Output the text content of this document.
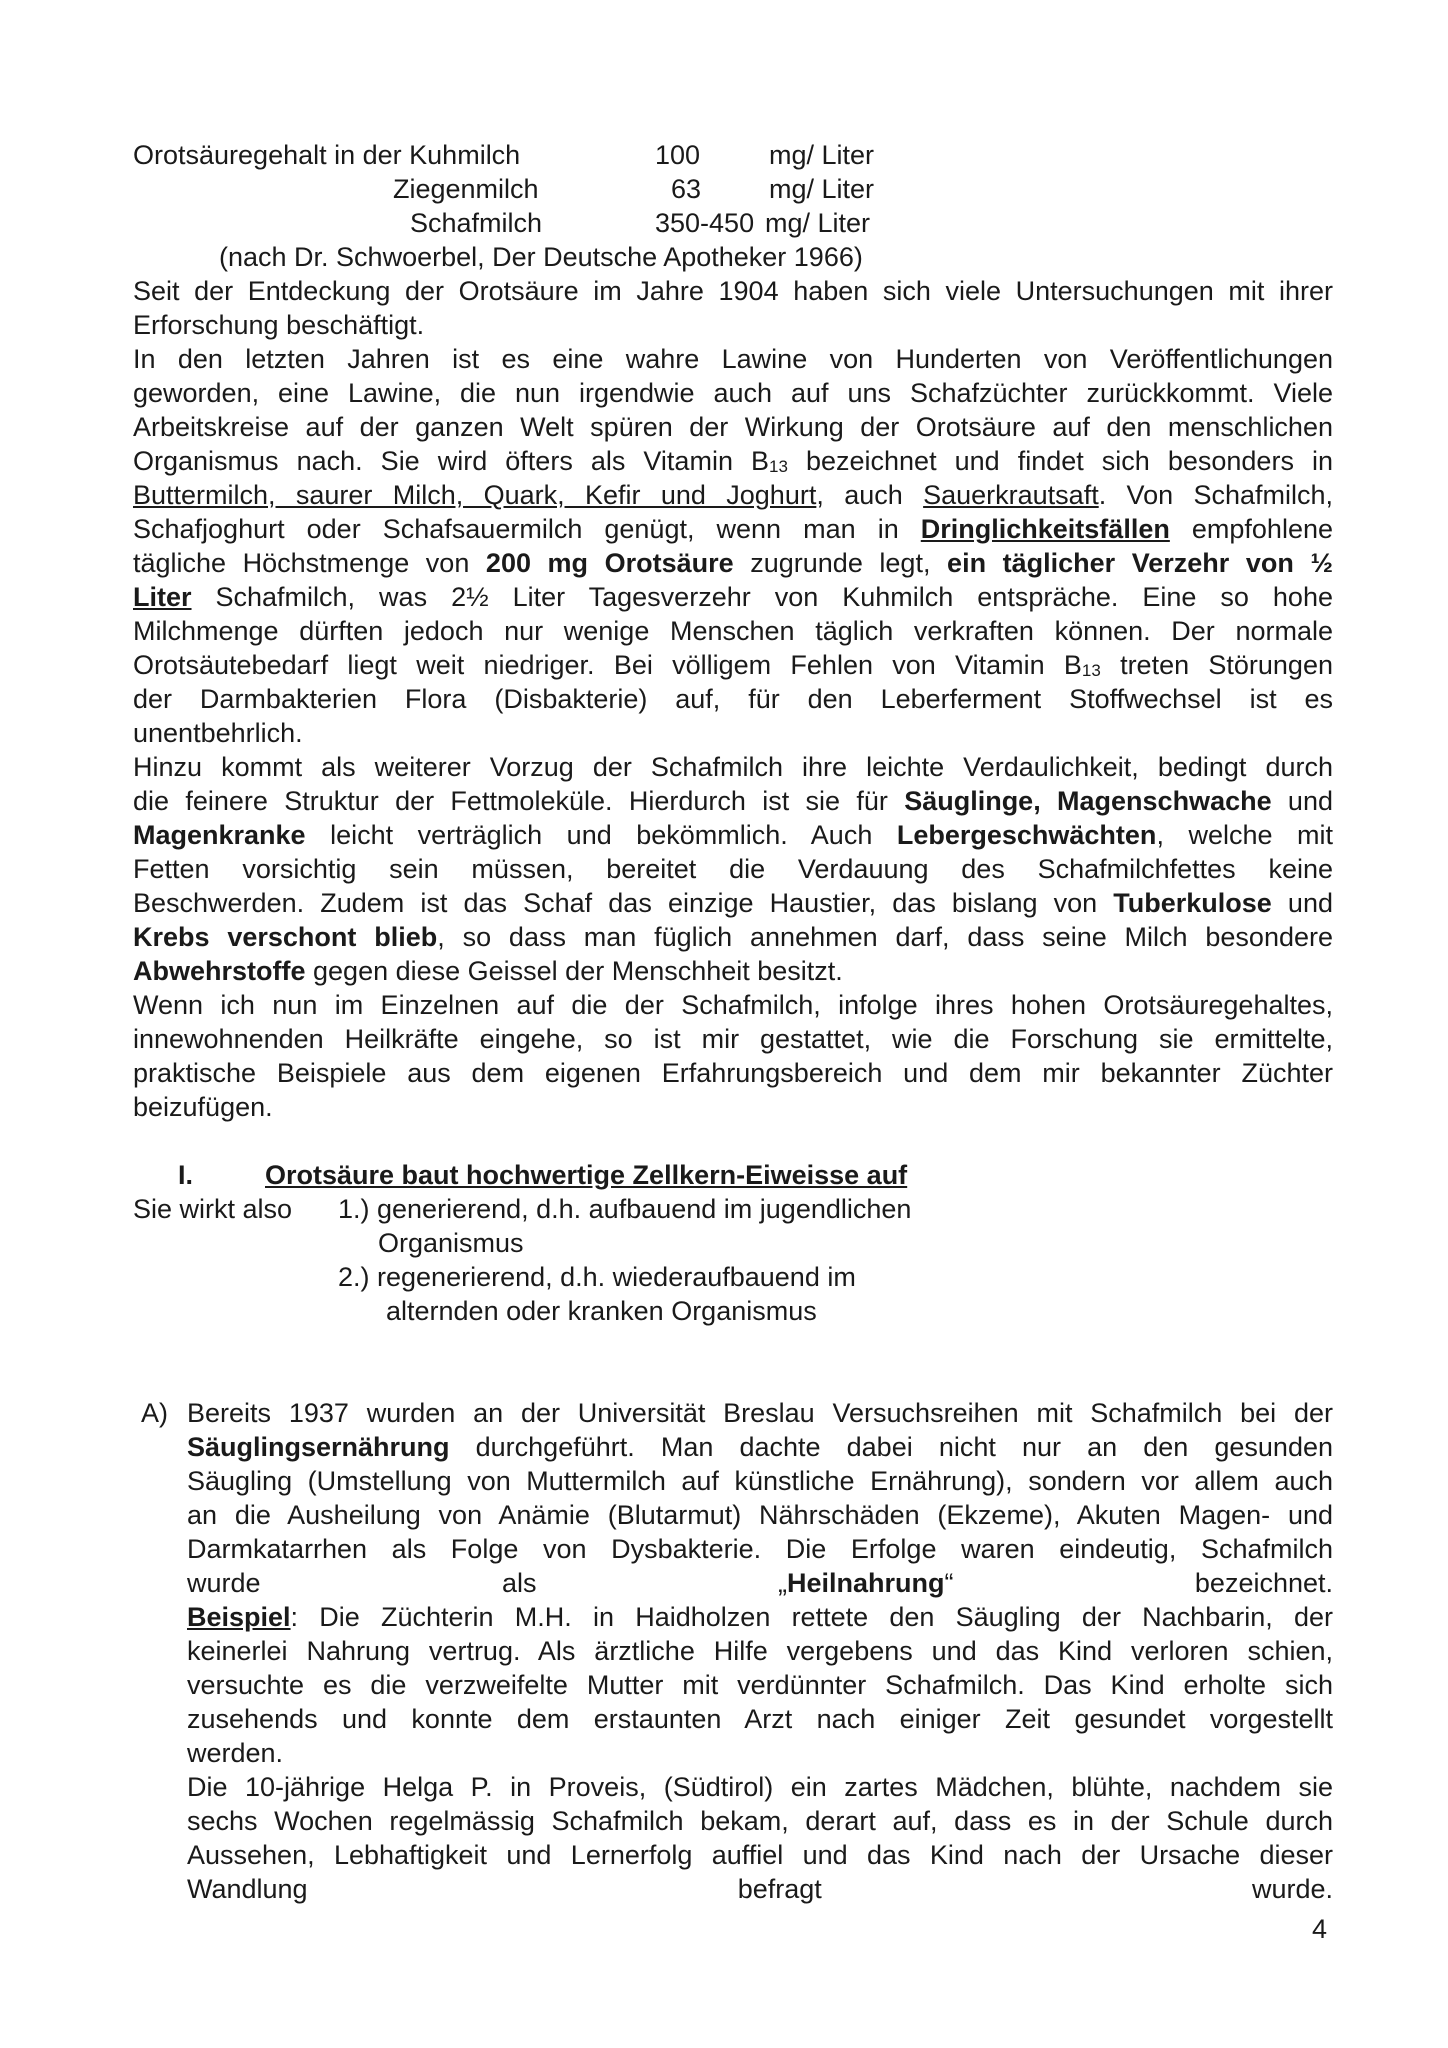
Orotsäuregehalt in der Kuhmilch	100	mg/ Liter
Ziegenmilch	63	mg/ Liter
Schafmilch	350-450 mg/ Liter
(nach Dr. Schwoerbel, Der Deutsche Apotheker 1966)
Seit der Entdeckung der Orotsäure im Jahre 1904 haben sich viele Untersuchungen mit ihrer
Erforschung beschäftigt.
In den letzten Jahren ist es eine wahre Lawine von Hunderten von Veröffentlichungen
geworden, eine Lawine, die nun irgendwie auch auf uns Schafzüchter zurückkommt. Viele
Arbeitskreise auf der ganzen Welt spüren der Wirkung der Orotsäure auf den menschlichen
Organismus nach. Sie wird öfters als Vitamin $B_{13}$ bezeichnet und findet sich besonders in
Buttermilch, saurer Milch, Quark, Kefir und Joghurt, auch Sauerkrautsaft. Von Schafmilch,
Schafjoghurt oder Schafsauermilch genügt, wenn man in Dringlichkeitsfällen empfohlene
tägliche Höchstmenge von 200 mg Orotsäure zugrunde legt, ein täglicher Verzehr von ½
Liter Schafmilch, was 2½ Liter Tagesverzehr von Kuhmilch entspräche. Eine so hohe
Milchmenge dürften jedoch nur wenige Menschen täglich verkraften können. Der normale
Orotsäutebedarf liegt weit niedriger. Bei völligem Fehlen von Vitamin $B_{13}$ treten Störungen
der Darmbakterien Flora (Disbakterie) auf, für den Leberferment Stoffwechsel ist es
unentbehrlich.
Hinzu kommt als weiterer Vorzug der Schafmilch ihre leichte Verdaulichkeit, bedingt durch
die feinere Struktur der Fettmoleküle. Hierdurch ist sie für Säuglinge, Magenschwache und
Magenkranke leicht verträglich und bekömmlich. Auch Lebergeschwächten, welche mit
Fetten vorsichtig sein müssen, bereitet die Verdauung des Schafmilchfettes keine
Beschwerden. Zudem ist das Schaf das einzige Haustier, das bislang von Tuberkulose und
Krebs verschont blieb, so dass man füglich annehmen darf, dass seine Milch besondere
Abwehrstoffe gegen diese Geissel der Menschheit besitzt.
Wenn ich nun im Einzelnen auf die der Schafmilch, infolge ihres hohen Orotsäuregehaltes,
innewohnenden Heilkräfte eingehe, so ist mir gestattet, wie die Forschung sie ermittelte,
praktische Beispiele aus dem eigenen Erfahrungsbereich und dem mir bekannter Züchter
beizufügen.
I.	Orotsäure baut hochwertige Zellkern-Eiweisse auf
Sie wirkt also 1.) generierend, d.h. aufbauend im jugendlichen
Organismus
2.) regenerierend, d.h. wiederaufbauend im
alternden oder kranken Organismus
A) Bereits 1937 wurden an der Universität Breslau Versuchsreihen mit Schafmilch bei der
Säuglingsernährung durchgeführt. Man dachte dabei nicht nur an den gesunden
Säugling (Umstellung von Muttermilch auf künstliche Ernährung), sondern vor allem auch
an die Ausheilung von Anämie (Blutarmut) Nährschäden (Ekzeme), Akuten Magen- und
Darmkatarrhen als Folge von Dysbakterie. Die Erfolge waren eindeutig, Schafmilch
wurde als „Heilnahrung“ bezeichnet.
Beispiel: Die Züchterin M.H. in Haidholzen rettete den Säugling der Nachbarin, der
keinerlei Nahrung vertrug. Als ärztliche Hilfe vergebens und das Kind verloren schien,
versuchte es die verzweifelte Mutter mit verdünnter Schafmilch. Das Kind erholte sich
zusehends und konnte dem erstaunten Arzt nach einiger Zeit gesundet vorgestellt
werden.
Die 10-jährige Helga P. in Proveis, (Südtirol) ein zartes Mädchen, blühte, nachdem sie
sechs Wochen regelmässig Schafmilch bekam, derart auf, dass es in der Schule durch
Aussehen, Lebhaftigkeit und Lernerfolg auffiel und das Kind nach der Ursache dieser
Wandlung befragt wurde.
4
